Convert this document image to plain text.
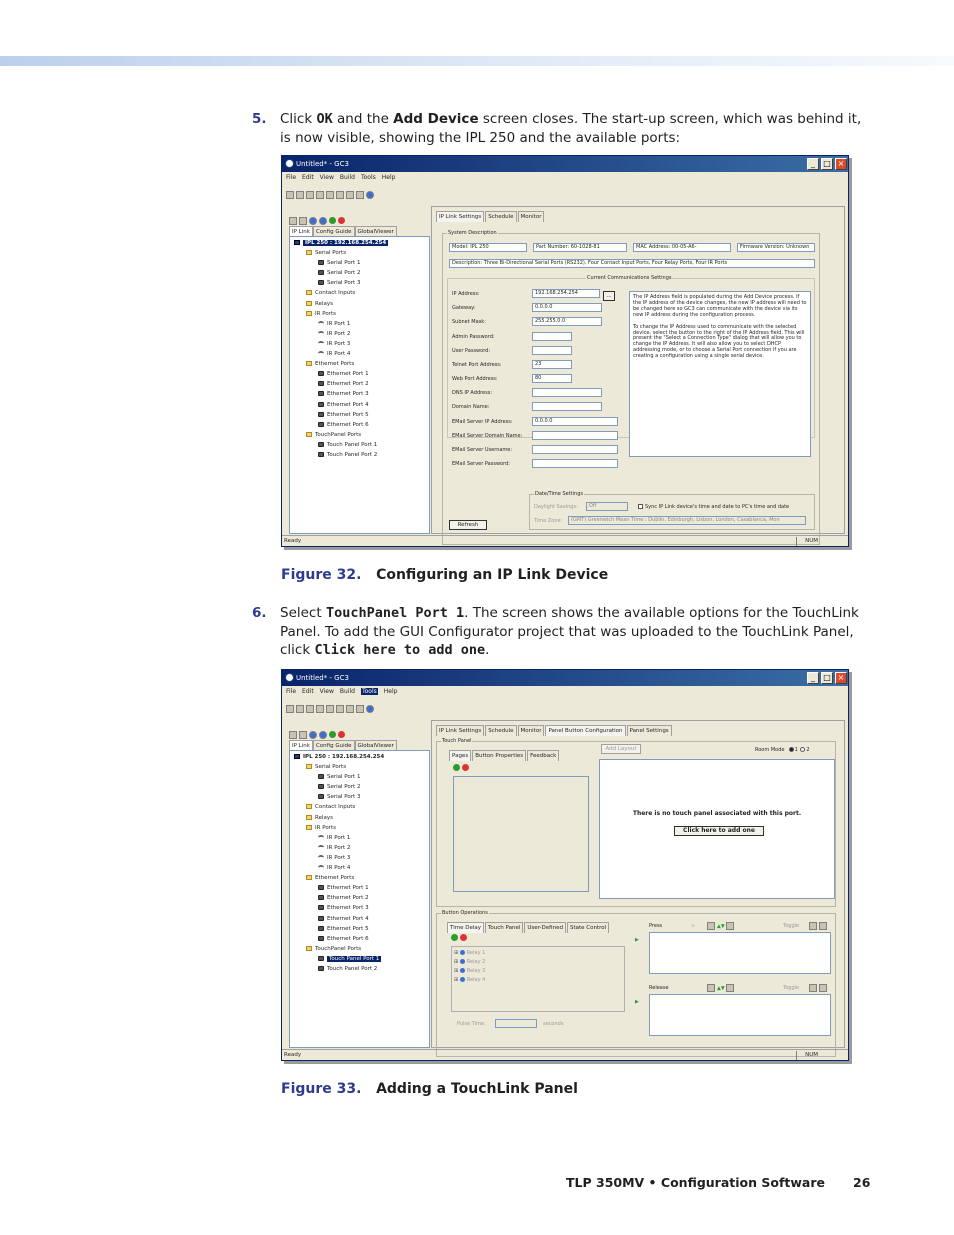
5. Click OK and the Add Device screen closes. The start-up screen, which was behind it, is now visible, showing the IPL 250 and the available ports:
Untitled* - GC3	_	□ ×
File Edit View Build Tools Help
IP Link Config Guide GlobalViewer
IPL 250 : 192.168.254.254
Serial Ports
Serial Port 1
Serial Port 2
Serial Port 3
Contact Inputs
Relays
IR Ports
IR Port 1
IR Port 2
IR Port 3
IR Port 4
Ethernet Ports
Ethernet Port 1
Ethernet Port 2
Ethernet Port 3
Ethernet Port 4
Ethernet Port 5
Ethernet Port 6
TouchPanel Ports
Touch Panel Port 1
Touch Panel Port 2
IP Link Settings Schedule Monitor
System Description
Model: IPL 250	Part Number: 60-1028-81	MAC Address: 00-05-A6-	Firmware Version: Unknown
Description: Three Bi-Directional Serial Ports (RS232), Four Contact Input Ports, Four Relay Ports, Four IR Ports
Current Communications Settings
IP Address:	192.168.254.254
Gateway:	0.0.0.0
Subnet Mask:	255.255.0.0
Admin Password:
User Password:
Telnet Port Address:	23
Web Port Address:	80
DNS IP Address:
Domain Name:
EMail Server IP Address:	0.0.0.0
EMail Server Domain Name:
EMail Server Username:
EMail Server Password:
...	The IP Address field is populated during the Add Device process. If the IP address of the device changes, the new IP address will need to be changed here so GC3 can communicate with the device via its new IP address during the configuration process.

To change the IP Address used to communicate with the selected device, select the button to the right of the IP Address field. This will present the "Select a Connection Type" dialog that will allow you to change the IP Address. It will also allow you to select DHCP addressing mode, or to choose a Serial Port connection if you are creating a configuration using a single serial device.

Date/Time Settings
Daylight Savings:	Off	Sync IP Link device's time and date to PC's time and date
Time Zone:	(GMT) Greenwich Mean Time : Dublin, Edinburgh, Lisbon, London, Casablanca, Mon
Refresh
Ready	NUM
Figure 32. Configuring an IP Link Device
6. Select TouchPanel Port 1. The screen shows the available options for the TouchLink Panel. To add the GUI Configurator project that was uploaded to the TouchLink Panel, click Click here to add one.
Untitled* - GC3	_	□ ×
File Edit View Build Tools Help
IP Link Config Guide GlobalViewer
IPL 250 : 192.168.254.254
Serial Ports
Serial Port 1
Serial Port 2
Serial Port 3
Contact Inputs
Relays
IR Ports
IR Port 1
IR Port 2
IR Port 3
IR Port 4
Ethernet Ports
Ethernet Port 1
Ethernet Port 2
Ethernet Port 3
Ethernet Port 4
Ethernet Port 5
Ethernet Port 6
TouchPanel Ports
Touch Panel Port 1
Touch Panel Port 2
IP Link Settings Schedule Monitor Panel Button Configuration Panel Settings
Touch Panel
Pages Button Properties Feedback
Add Layout	Room Mode 1 2
There is no touch panel associated with this port.
Click here to add one
Button Operations
Time Delay Touch Panel User-Defined State Control
⊞ Relay 1
⊞ Relay 2
⊞ Relay 3
⊞ Relay 4
Pulse Time:	seconds
▶
▶
Press	∞	▲▼	Toggle
Release	▲▼	Toggle
Ready	NUM
Figure 33. Adding a TouchLink Panel
TLP 350MV • Configuration Software 26
